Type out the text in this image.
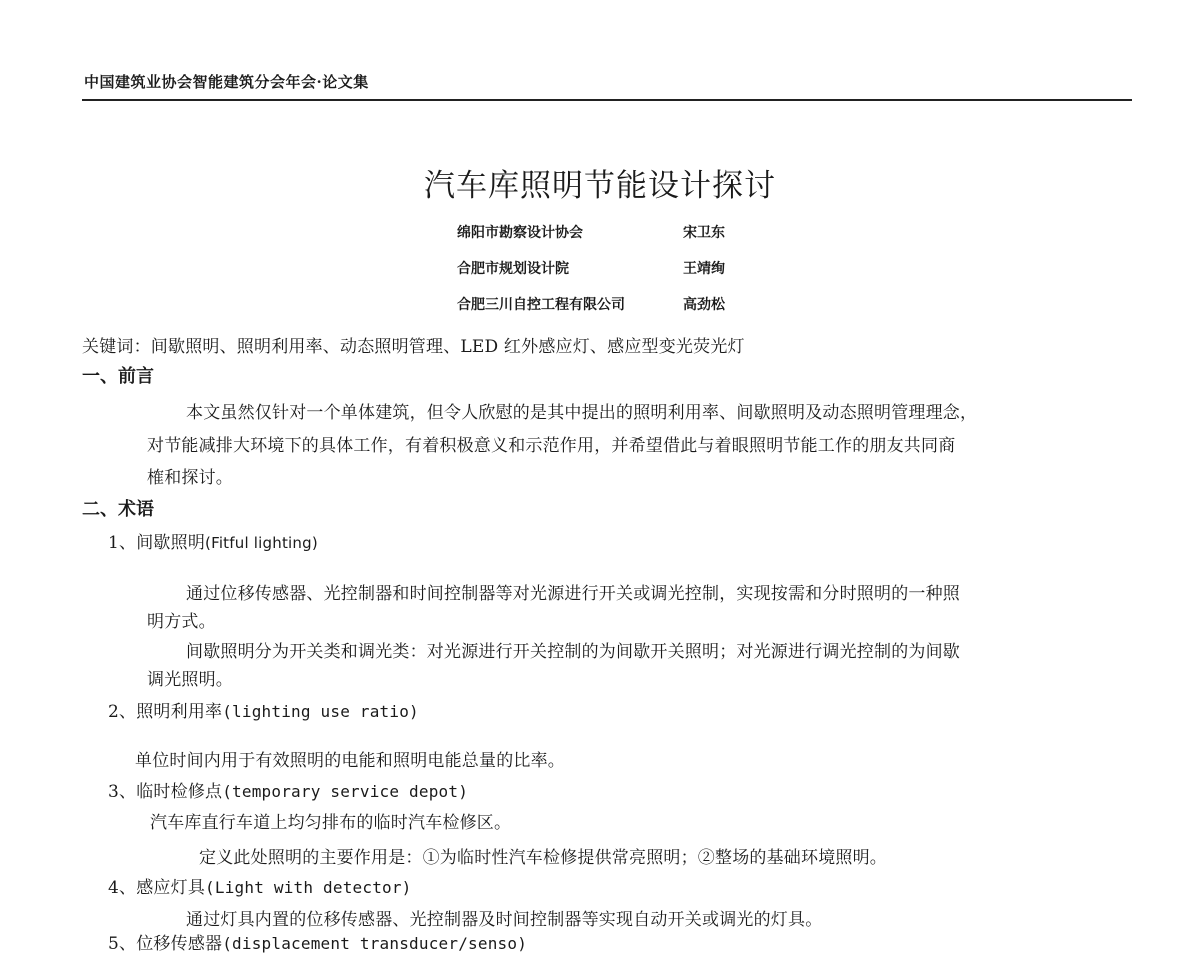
中国建筑业协会智能建筑分会年会·论文集
汽车库照明节能设计探讨
绵阳市勘察设计协会	宋卫东
合肥市规划设计院	王靖绚
合肥三川自控工程有限公司	高劲松
关键词：间歇照明、照明利用率、动态照明管理、LED 红外感应灯、感应型变光荧光灯
一、前言
本文虽然仅针对一个单体建筑，但令人欣慰的是其中提出的照明利用率、间歇照明及动态照明管理理念，
对节能减排大环境下的具体工作，有着积极意义和示范作用，并希望借此与着眼照明节能工作的朋友共同商
榷和探讨。
二、术语
1、间歇照明(Fitful lighting)
通过位移传感器、光控制器和时间控制器等对光源进行开关或调光控制，实现按需和分时照明的一种照
明方式。
间歇照明分为开关类和调光类：对光源进行开关控制的为间歇开关照明；对光源进行调光控制的为间歇
调光照明。
2、照明利用率(lighting use ratio)
单位时间内用于有效照明的电能和照明电能总量的比率。
3、临时检修点(temporary service depot)
汽车库直行车道上均匀排布的临时汽车检修区。
定义此处照明的主要作用是：①为临时性汽车检修提供常亮照明；②整场的基础环境照明。
4、感应灯具(Light with detector)
通过灯具内置的位移传感器、光控制器及时间控制器等实现自动开关或调光的灯具。
5、位移传感器(displacement transducer/senso)
